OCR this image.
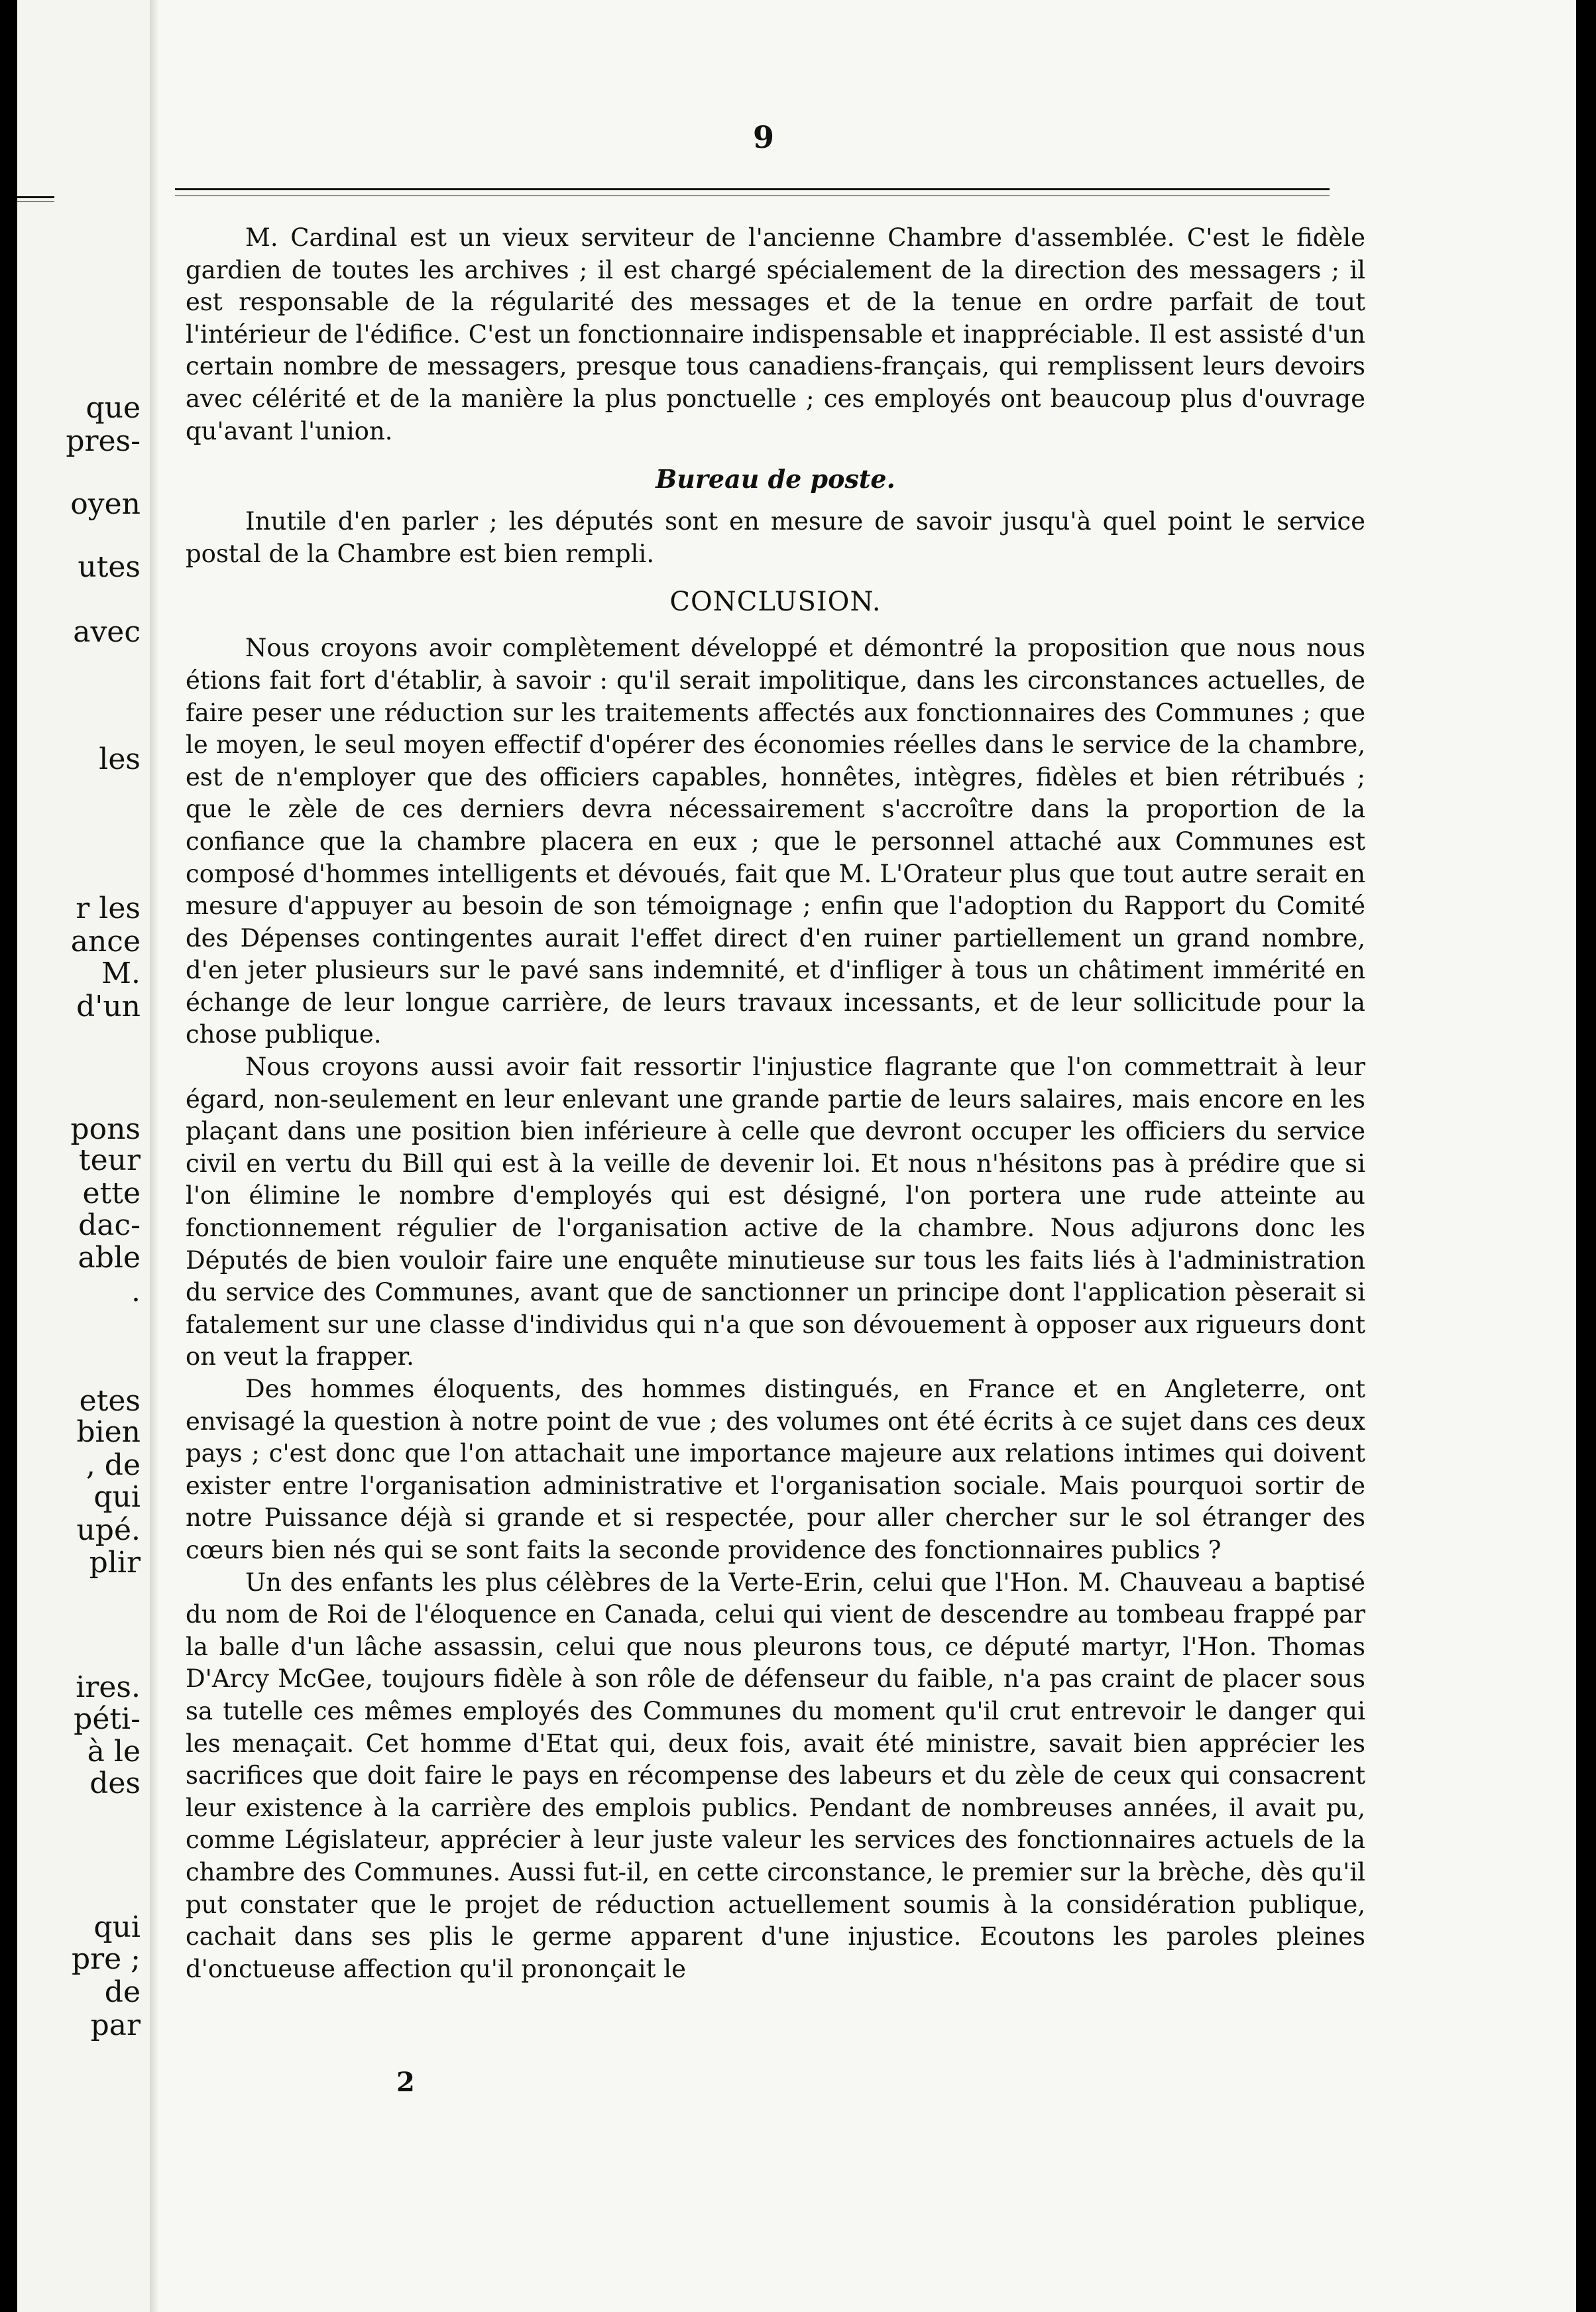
que
pres-
oyen
utes
avec
les
r les
ance
M.
d'un
pons
teur
ette
dac-
able
.
etes
bien
, de
qui
upé.
plir
ires.
péti-
à le
des
qui
pre ;
de
par
9

M. Cardinal est un vieux serviteur de l'ancienne Chambre d'assemblée. C'est le fidèle gardien de toutes les archives ; il est chargé spécialement de la direction des messagers ; il est responsable de la régularité des messages et de la tenue en ordre parfait de tout l'intérieur de l'édifice. C'est un fonctionnaire indispensable et inappréciable. Il est assisté d'un certain nombre de messagers, presque tous canadiens-français, qui remplissent leurs devoirs avec célérité et de la manière la plus ponctuelle ; ces employés ont beaucoup plus d'ouvrage qu'avant l'union.

Bureau de poste.

Inutile d'en parler ; les députés sont en mesure de savoir jusqu'à quel point le service postal de la Chambre est bien rempli.

CONCLUSION.

Nous croyons avoir complètement développé et démontré la proposition que nous nous étions fait fort d'établir, à savoir : qu'il serait impolitique, dans les circonstances actuelles, de faire peser une réduction sur les traitements affectés aux fonctionnaires des Communes ; que le moyen, le seul moyen effectif d'opérer des économies réelles dans le service de la chambre, est de n'employer que des officiers capables, honnêtes, intègres, fidèles et bien rétribués ; que le zèle de ces derniers devra nécessairement s'accroître dans la proportion de la confiance que la chambre placera en eux ; que le personnel attaché aux Communes est composé d'hommes intelligents et dévoués, fait que M. L'Orateur plus que tout autre serait en mesure d'appuyer au besoin de son témoignage ; enfin que l'adoption du Rapport du Comité des Dépenses contingentes aurait l'effet direct d'en ruiner partiellement un grand nombre, d'en jeter plusieurs sur le pavé sans indemnité, et d'infliger à tous un châtiment immérité en échange de leur longue carrière, de leurs travaux incessants, et de leur sollicitude pour la chose publique.

Nous croyons aussi avoir fait ressortir l'injustice flagrante que l'on commettrait à leur égard, non-seulement en leur enlevant une grande partie de leurs salaires, mais encore en les plaçant dans une position bien inférieure à celle que devront occuper les officiers du service civil en vertu du Bill qui est à la veille de devenir loi. Et nous n'hésitons pas à prédire que si l'on élimine le nombre d'employés qui est désigné, l'on portera une rude atteinte au fonctionnement régulier de l'organisation active de la chambre. Nous adjurons donc les Députés de bien vouloir faire une enquête minutieuse sur tous les faits liés à l'administration du service des Communes, avant que de sanctionner un principe dont l'application pèserait si fatalement sur une classe d'individus qui n'a que son dévouement à opposer aux rigueurs dont on veut la frapper.

Des hommes éloquents, des hommes distingués, en France et en Angleterre, ont envisagé la question à notre point de vue ; des volumes ont été écrits à ce sujet dans ces deux pays ; c'est donc que l'on attachait une importance majeure aux relations intimes qui doivent exister entre l'organisation administrative et l'organisation sociale. Mais pourquoi sortir de notre Puissance déjà si grande et si respectée, pour aller chercher sur le sol étranger des cœurs bien nés qui se sont faits la seconde providence des fonctionnaires publics ?

Un des enfants les plus célèbres de la Verte-Erin, celui que l'Hon. M. Chauveau a baptisé du nom de Roi de l'éloquence en Canada, celui qui vient de descendre au tombeau frappé par la balle d'un lâche assassin, celui que nous pleurons tous, ce député martyr, l'Hon. Thomas D'Arcy McGee, toujours fidèle à son rôle de défenseur du faible, n'a pas craint de placer sous sa tutelle ces mêmes employés des Communes du moment qu'il crut entrevoir le danger qui les menaçait. Cet homme d'Etat qui, deux fois, avait été ministre, savait bien apprécier les sacrifices que doit faire le pays en récompense des labeurs et du zèle de ceux qui consacrent leur existence à la carrière des emplois publics. Pendant de nombreuses années, il avait pu, comme Législateur, apprécier à leur juste valeur les services des fonctionnaires actuels de la chambre des Communes. Aussi fut-il, en cette circonstance, le premier sur la brèche, dès qu'il put constater que le projet de réduction actuellement soumis à la considération publique, cachait dans ses plis le germe apparent d'une injustice. Ecoutons les paroles pleines d'onctueuse affection qu'il prononçait le

2
